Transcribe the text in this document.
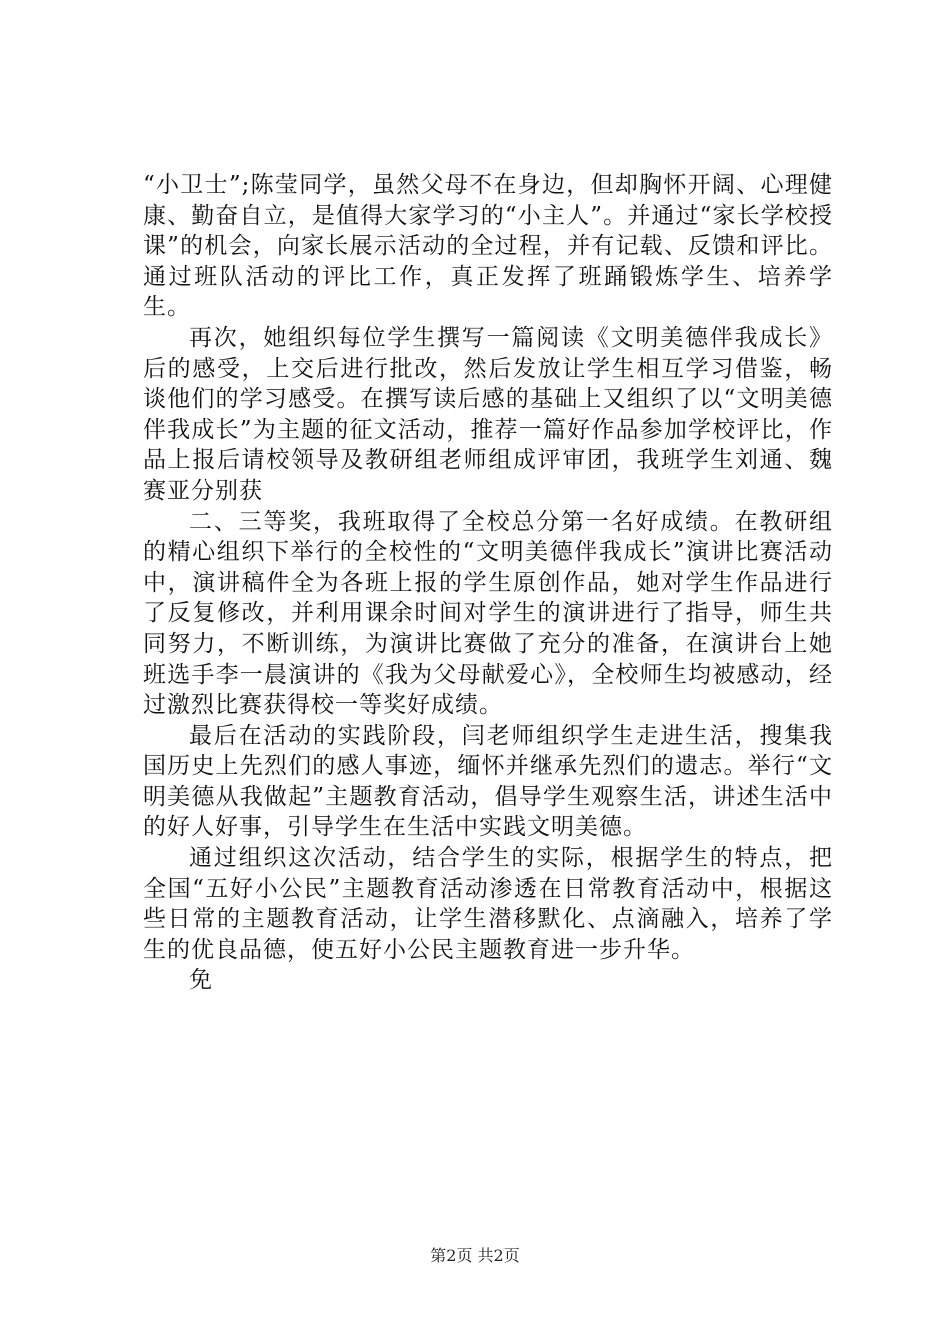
“小卫士”;陈莹同学，虽然父母不在身边，但却胸怀开阔、心理健康、勤奋自立，是值得大家学习的“小主人”。并通过“家长学校授课”的机会，向家长展示活动的全过程，并有记载、反馈和评比。通过班队活动的评比工作，真正发挥了班踊锻炼学生、培养学生。

再次，她组织每位学生撰写一篇阅读《文明美德伴我成长》后的感受，上交后进行批改，然后发放让学生相互学习借鉴，畅谈他们的学习感受。在撰写读后感的基础上又组织了以“文明美德伴我成长”为主题的征文活动，推荐一篇好作品参加学校评比，作品上报后请校领导及教研组老师组成评审团，我班学生刘通、魏赛亚分别获

二、三等奖，我班取得了全校总分第一名好成绩。在教研组的精心组织下举行的全校性的“文明美德伴我成长”演讲比赛活动中，演讲稿件全为各班上报的学生原创作品，她对学生作品进行了反复修改，并利用课余时间对学生的演讲进行了指导，师生共同努力，不断训练，为演讲比赛做了充分的准备，在演讲台上她班选手李一晨演讲的《我为父母献爱心》，全校师生均被感动，经过激烈比赛获得校一等奖好成绩。

最后在活动的实践阶段，闫老师组织学生走进生活，搜集我国历史上先烈们的感人事迹，缅怀并继承先烈们的遗志。举行“文明美德从我做起”主题教育活动，倡导学生观察生活，讲述生活中的好人好事，引导学生在生活中实践文明美德。

通过组织这次活动，结合学生的实际，根据学生的特点，把全国“五好小公民”主题教育活动渗透在日常教育活动中，根据这些日常的主题教育活动，让学生潜移默化、点滴融入，培养了学生的优良品德，使五好小公民主题教育进一步升华。

免

第2页 共2页
